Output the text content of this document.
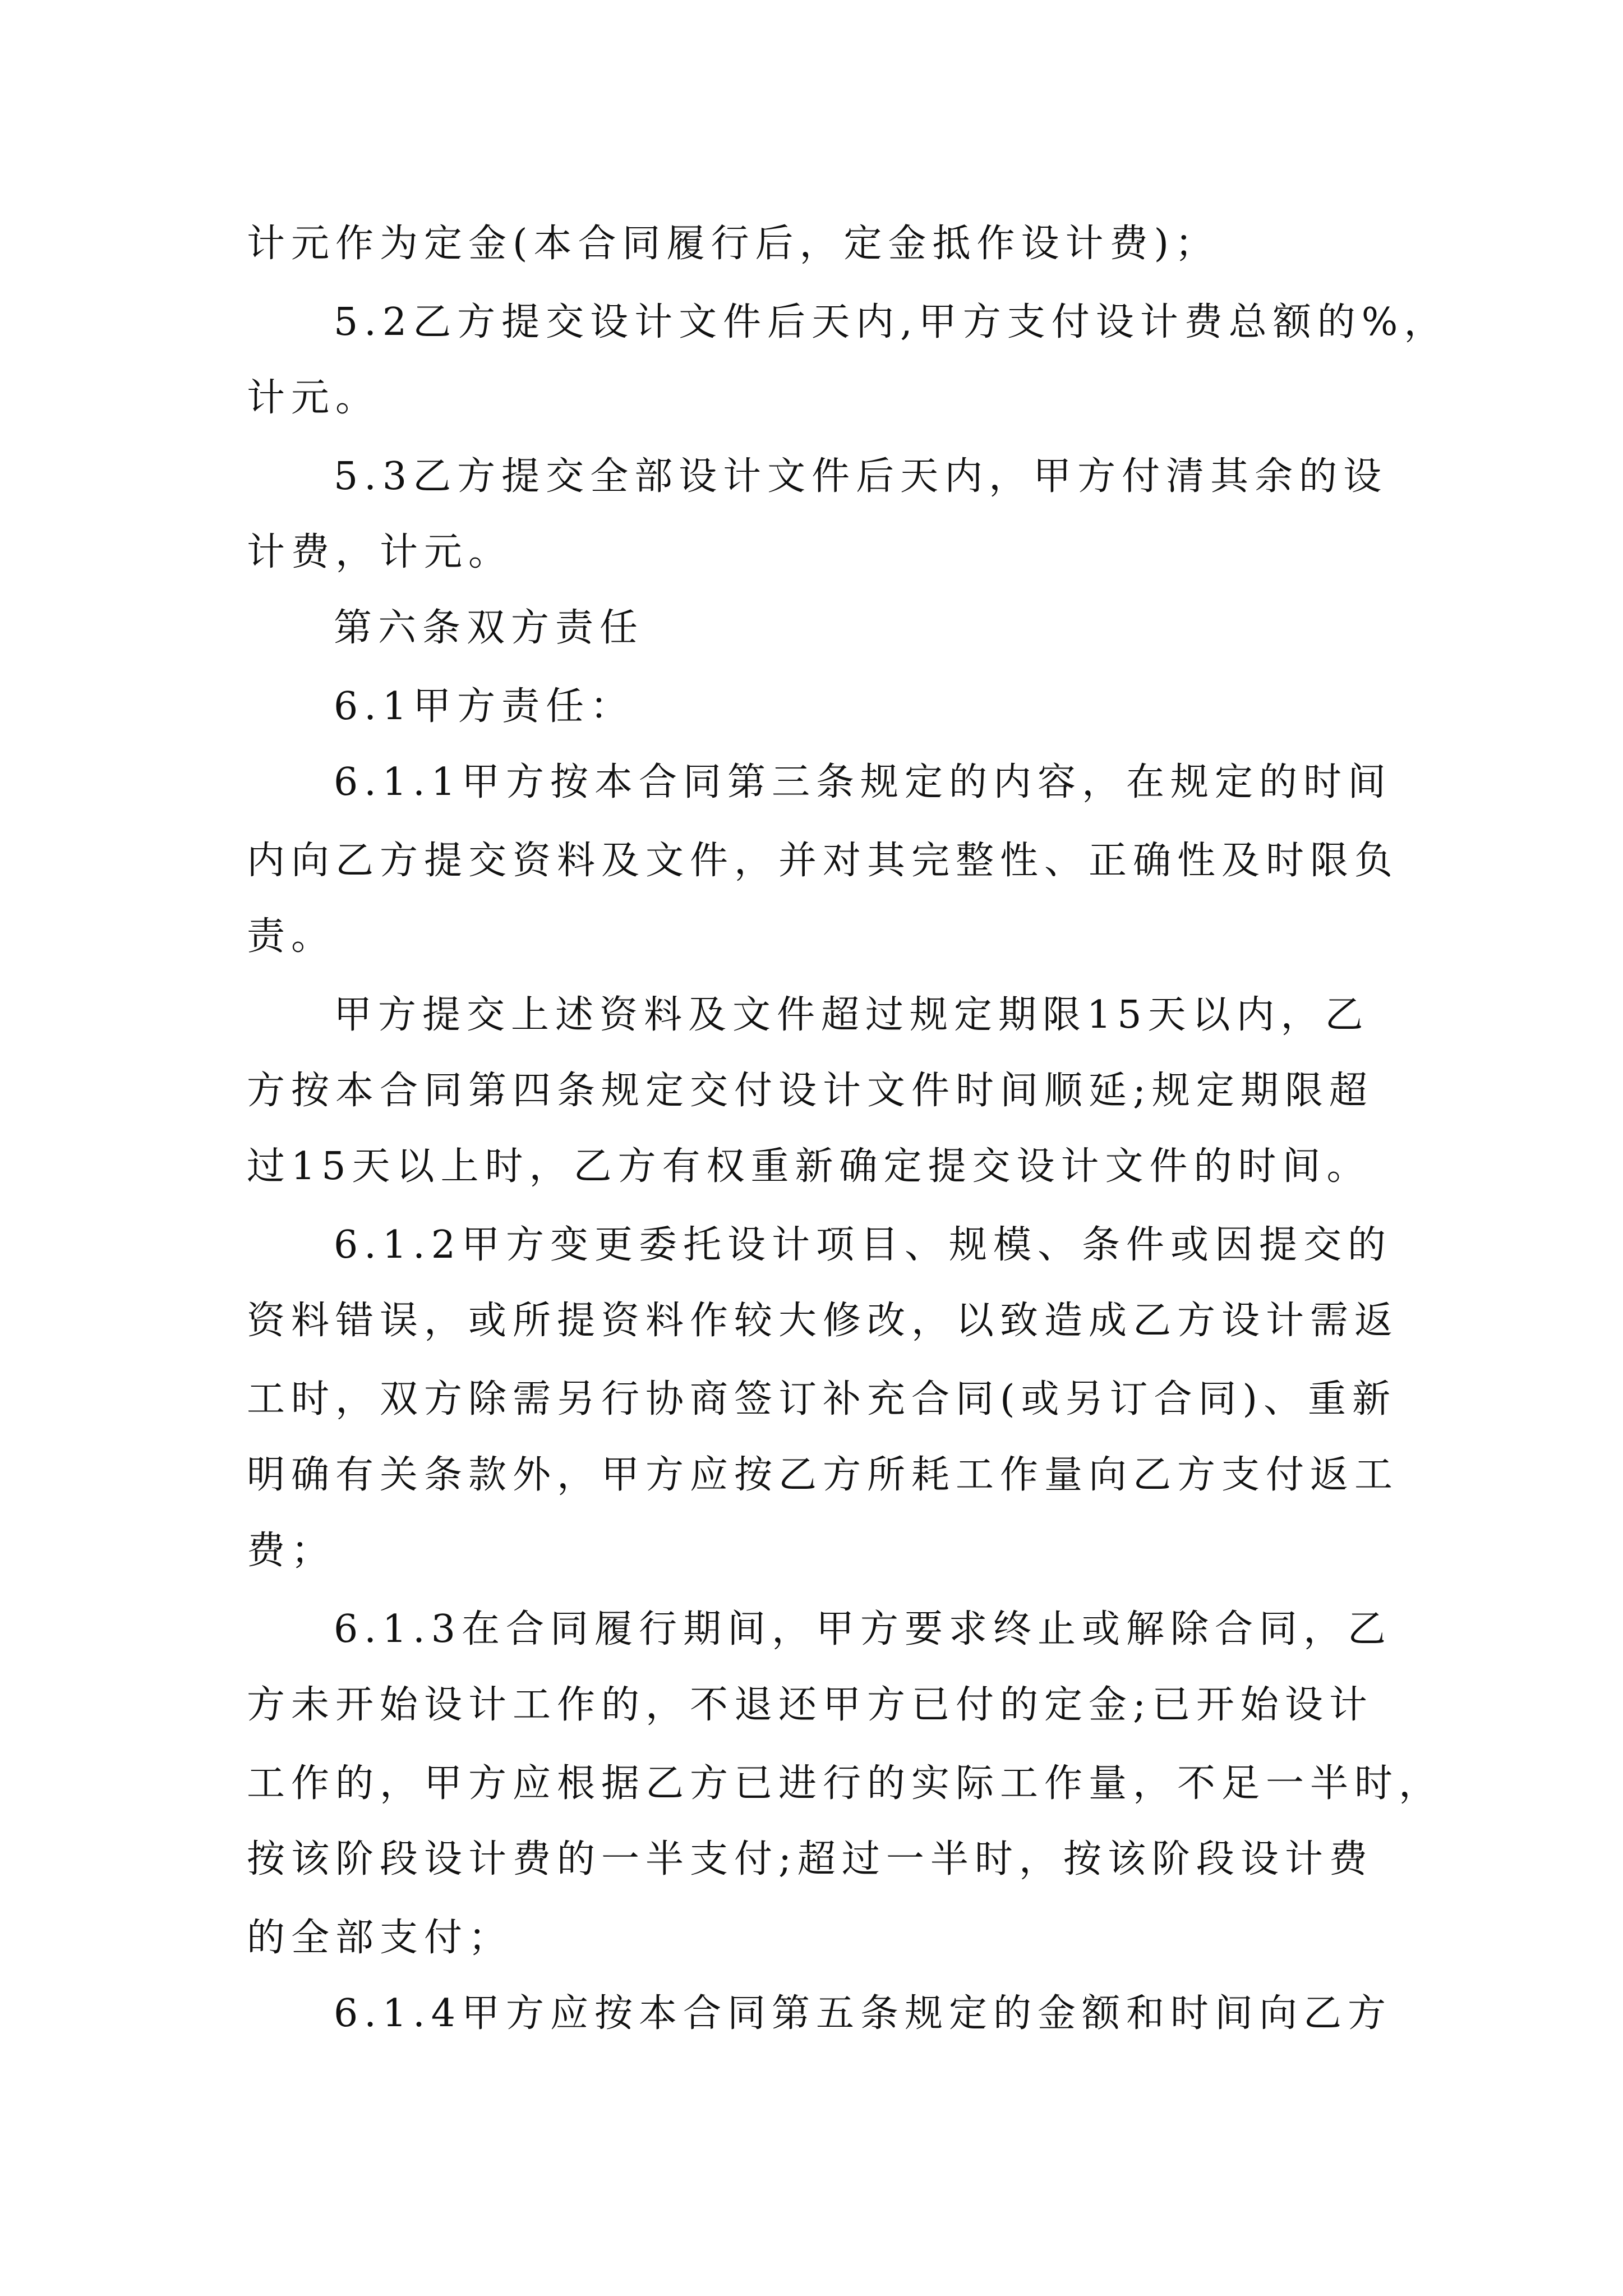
计元作为定金(本合同履行后，定金抵作设计费)；

5.2乙方提交设计文件后天内,甲方支付设计费总额的%，

计元。

5.3乙方提交全部设计文件后天内，甲方付清其余的设

计费，计元。

第六条双方责任

6.1甲方责任：

6.1.1甲方按本合同第三条规定的内容，在规定的时间

内向乙方提交资料及文件，并对其完整性、正确性及时限负

责。

甲方提交上述资料及文件超过规定期限15天以内，乙

方按本合同第四条规定交付设计文件时间顺延;规定期限超

过15天以上时，乙方有权重新确定提交设计文件的时间。

6.1.2甲方变更委托设计项目、规模、条件或因提交的

资料错误，或所提资料作较大修改，以致造成乙方设计需返

工时，双方除需另行协商签订补充合同(或另订合同)、重新

明确有关条款外，甲方应按乙方所耗工作量向乙方支付返工

费；

6.1.3在合同履行期间，甲方要求终止或解除合同，乙

方未开始设计工作的，不退还甲方已付的定金;已开始设计

工作的，甲方应根据乙方已进行的实际工作量，不足一半时，

按该阶段设计费的一半支付;超过一半时，按该阶段设计费

的全部支付；

6.1.4甲方应按本合同第五条规定的金额和时间向乙方
